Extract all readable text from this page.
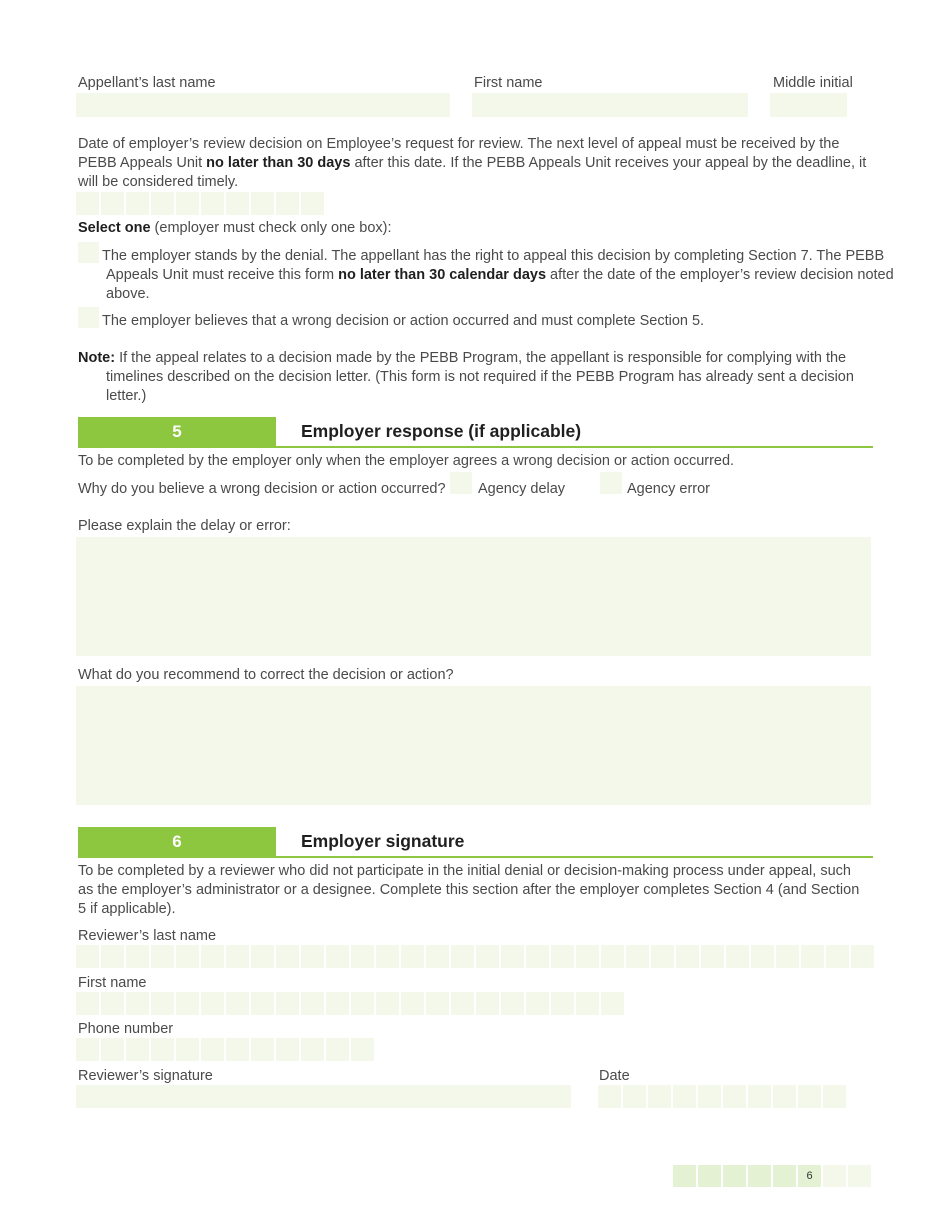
Appellant’s last name	First name	Middle initial
Date of employer’s review decision on Employee’s request for review. The next level of appeal must be received by the PEBB Appeals Unit no later than 30 days after this date. If the PEBB Appeals Unit receives your appeal by the deadline, it will be considered timely.
Select one (employer must check only one box):
The employer stands by the denial. The appellant has the right to appeal this decision by completing Section 7. The PEBB Appeals Unit must receive this form no later than 30 calendar days after the date of the employer’s review decision noted above.
The employer believes that a wrong decision or action occurred and must complete Section 5.
Note: If the appeal relates to a decision made by the PEBB Program, the appellant is responsible for complying with the timelines described on the decision letter. (This form is not required if the PEBB Program has already sent a decision letter.)
5	Employer response (if applicable)
To be completed by the employer only when the employer agrees a wrong decision or action occurred.
Why do you believe a wrong decision or action occurred? Agency delay	Agency error
Please explain the delay or error:
What do you recommend to correct the decision or action?
6	Employer signature
To be completed by a reviewer who did not participate in the initial denial or decision-making process under appeal, such as the employer’s administrator or a designee. Complete this section after the employer completes Section 4 (and Section 5 if applicable).
Reviewer’s last name
First name
Phone number
Reviewer’s signature	Date
6
